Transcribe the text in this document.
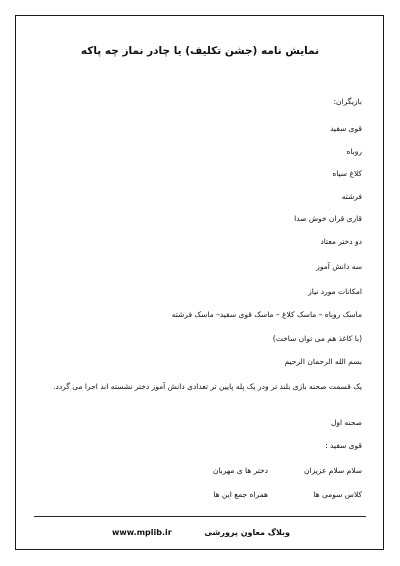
نمایش نامه (جشن تکلیف) یا چادر نماز چه پاکه
بازیگران:
قوی سفید
روباه
کلاغ سیاه
فرشته
قاری قران خوش صدا
دو دختر معتاد
سه دانش آموز
امکانات مورد نیاز
ماسک روباه – ماسک کلاغ – ماسک قوی سفید– ماسک فرشته
(با کاغذ هم می توان ساخت)
بسم الله الرحمان الرحیم
یک قسمت صحنه بازی بلند تر ودر یک پله پایین تر تعدادی دانش آموز دختر نشسته اند اجرا می گردد.
صحنه اول
قوی سفید :
سلام سلام عزیزان
دختر ها ی مهربان
کلاس سومی ها
همراه جمع این ها
www.mplib.ir	وبلاگ معاون پرورشی
